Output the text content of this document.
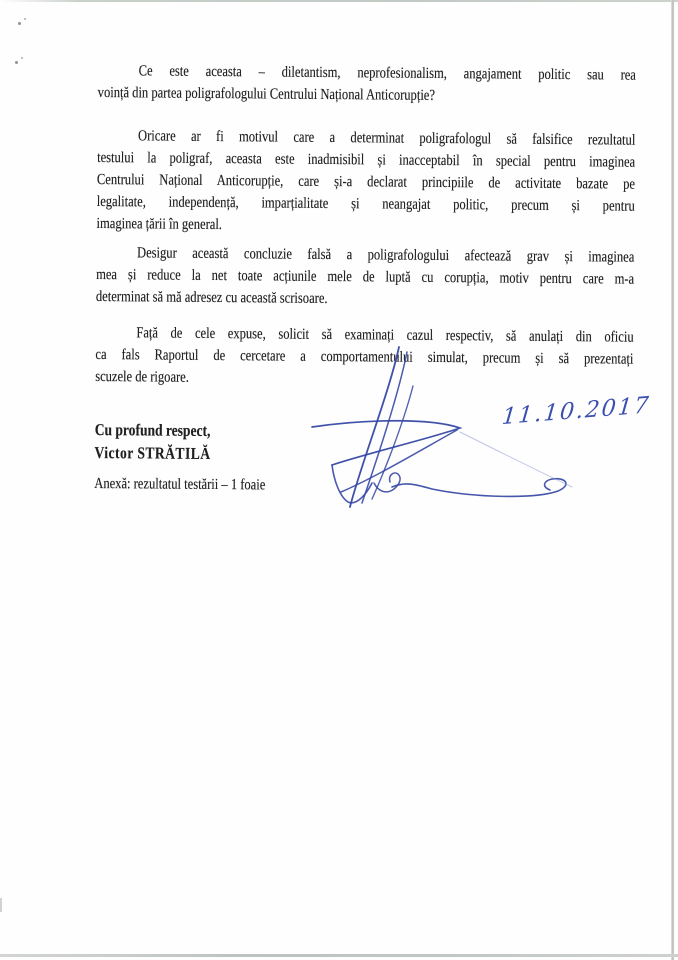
Ce este aceasta – diletantism, neprofesionalism, angajament politic sau rea
voință din partea poligrafologului Centrului Național Anticorupție?
Oricare ar fi motivul care a determinat poligrafologul să falsifice rezultatul
testului la poligraf, aceasta este inadmisibil și inacceptabil în special pentru imaginea
Centrului Național Anticorupție, care și-a declarat principiile de activitate bazate pe
legalitate, independență, imparțialitate și neangajat politic, precum și pentru
imaginea țării în general.
Desigur această concluzie falsă a poligrafologului afectează grav și imaginea
mea și reduce la net toate acțiunile mele de luptă cu corupția, motiv pentru care m-a
determinat să mă adresez cu această scrisoare.
Față de cele expuse, solicit să examinați cazul respectiv, să anulați din oficiu
ca fals Raportul de cercetare a comportamentului simulat, precum și să prezentați
scuzele de rigoare.
Cu profund respect,
Victor STRĂTILĂ
Anexă: rezultatul testării – 1 foaie
11.10.2017
